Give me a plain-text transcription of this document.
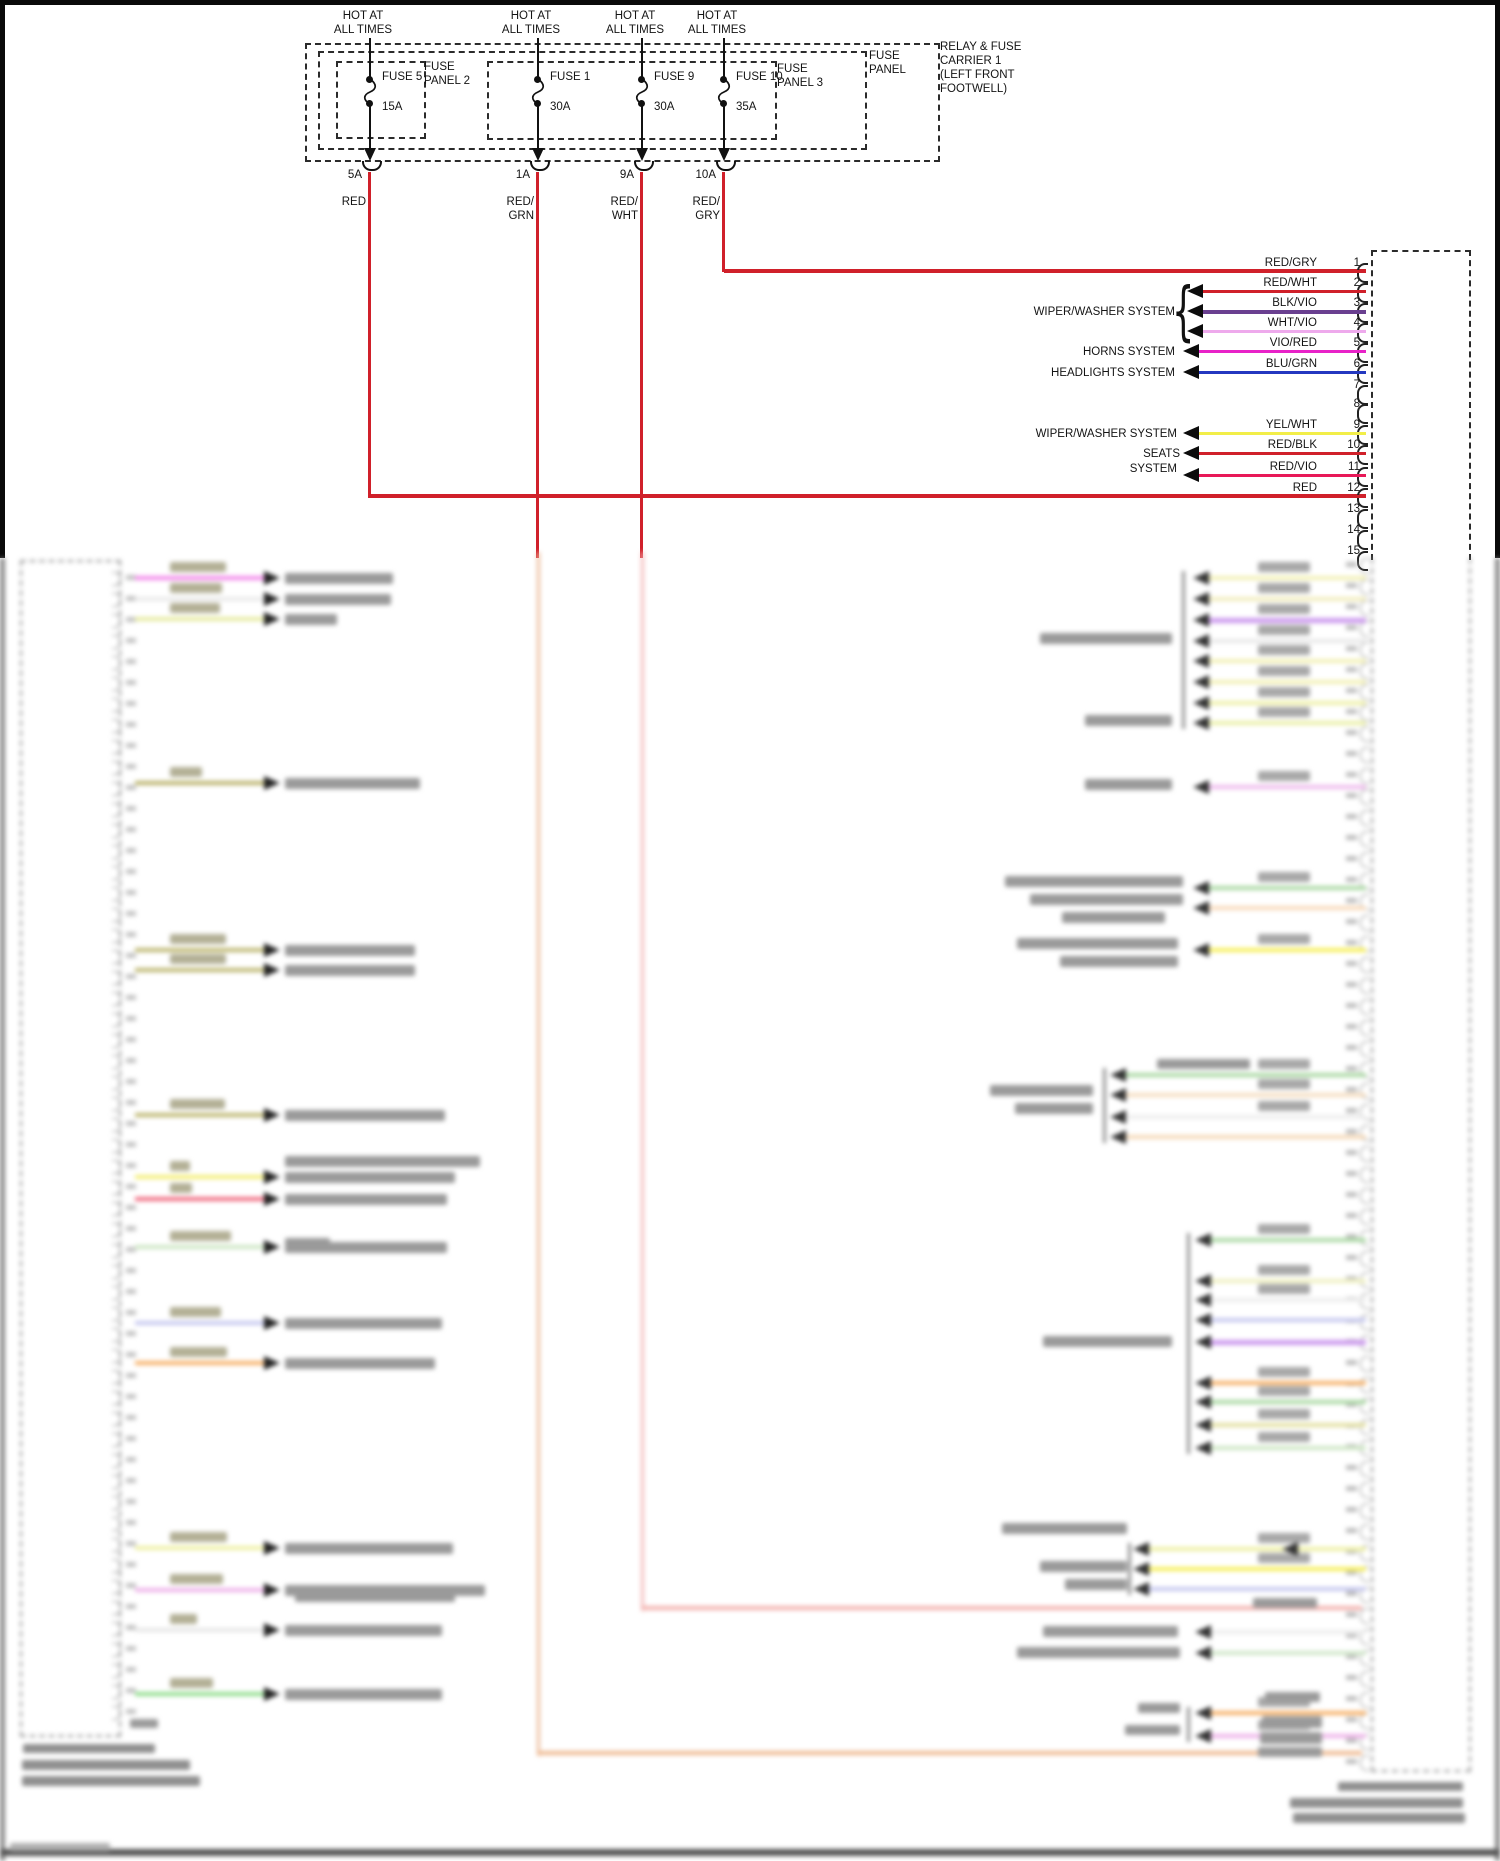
FUSE
PANEL 2
FUSE
PANEL 3
FUSE
PANEL
RELAY & FUSE
CARRIER 1
(LEFT FRONT
FOOTWELL)
WIPER/WASHER SYSTEM
{
HORNS SYSTEM
HEADLIGHTS SYSTEM
WIPER/WASHER SYSTEM
SEATS
SYSTEM
HOT AT
ALL TIMES
5A
RED
FUSE 5
15A
HOT AT
ALL TIMES
1A
RED/
GRN
FUSE 1
30A
HOT AT
ALL TIMES
9A
RED/
WHT
FUSE 9
30A
HOT AT
ALL TIMES
10A
RED/
GRY
FUSE 10
35A
1
RED/GRY
2
RED/WHT
3
BLK/VIO
4
WHT/VIO
5
VIO/RED
6
BLU/GRN
7
8
9
YEL/WHT
10
RED/BLK
11
RED/VIO
12
RED
13
14
15
